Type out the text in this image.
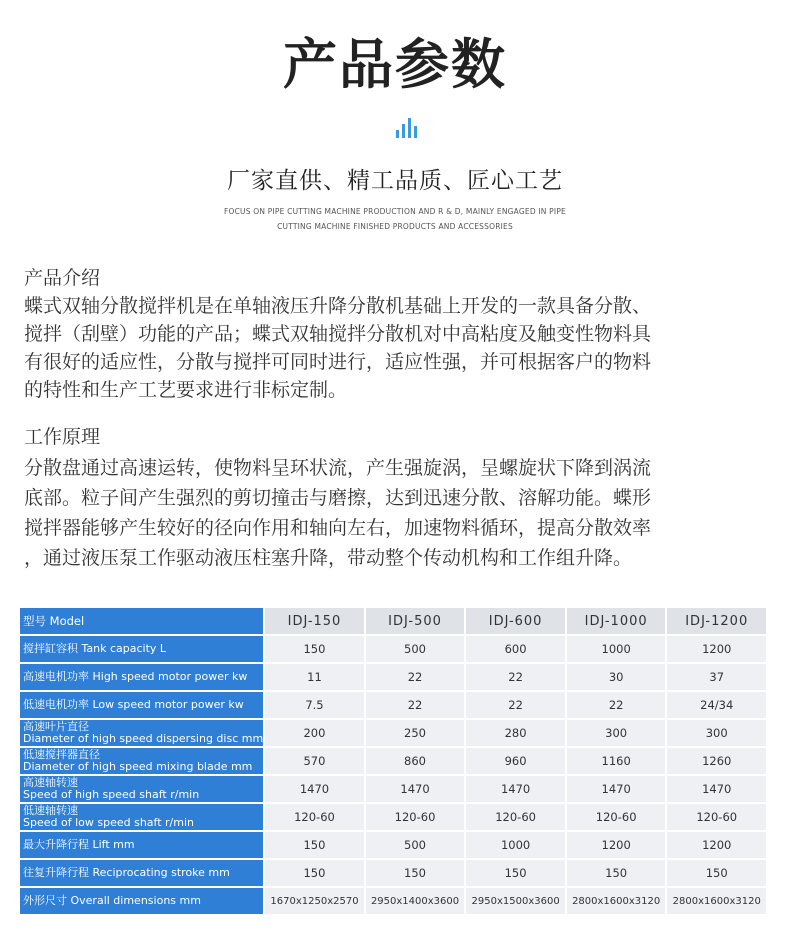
产品参数
厂家直供、精工品质、匠心工艺
FOCUS ON PIPE CUTTING MACHINE PRODUCTION AND R & D, MAINLY ENGAGED IN PIPE
CUTTING MACHINE FINISHED PRODUCTS AND ACCESSORIES
产品介绍
蝶式双轴分散搅拌机是在单轴液压升降分散机基础上开发的一款具备分散、
搅拌（刮壁）功能的产品；蝶式双轴搅拌分散机对中高粘度及触变性物料具
有很好的适应性，分散与搅拌可同时进行，适应性强，并可根据客户的物料
的特性和生产工艺要求进行非标定制。
工作原理
分散盘通过高速运转，使物料呈环状流，产生强旋涡，呈螺旋状下降到涡流
底部。粒子间产生强烈的剪切撞击与磨擦，达到迅速分散、溶解功能。蝶形
搅拌器能够产生较好的径向作用和轴向左右，加速物料循环，提高分散效率
，通过液压泵工作驱动液压柱塞升降，带动整个传动机构和工作组升降。
型号 Model	IDJ-150	IDJ-500	IDJ-600	IDJ-1000	IDJ-1200

搅拌缸容积 Tank capacity L	150	500	600	1000	1200

高速电机功率 High speed motor power kw	11	22	22	30	37

低速电机功率 Low speed motor power kw	7.5	22	22	22	24/34

高速叶片直径
Diameter of high speed dispersing disc mm	200	250	280	300	300

低速搅拌器直径
Diameter of high speed mixing blade mm	570	860	960	1160	1260

高速轴转速
Speed of high speed shaft r/min	1470	1470	1470	1470	1470

低速轴转速
Speed of low speed shaft r/min	120-60	120-60	120-60	120-60	120-60

最大升降行程 Lift mm	150	500	1000	1200	1200

往复升降行程 Reciprocating stroke mm	150	150	150	150	150

外形尺寸 Overall dimensions mm	1670x1250x2570	2950x1400x3600	2950x1500x3600	2800x1600x3120	2800x1600x3120
